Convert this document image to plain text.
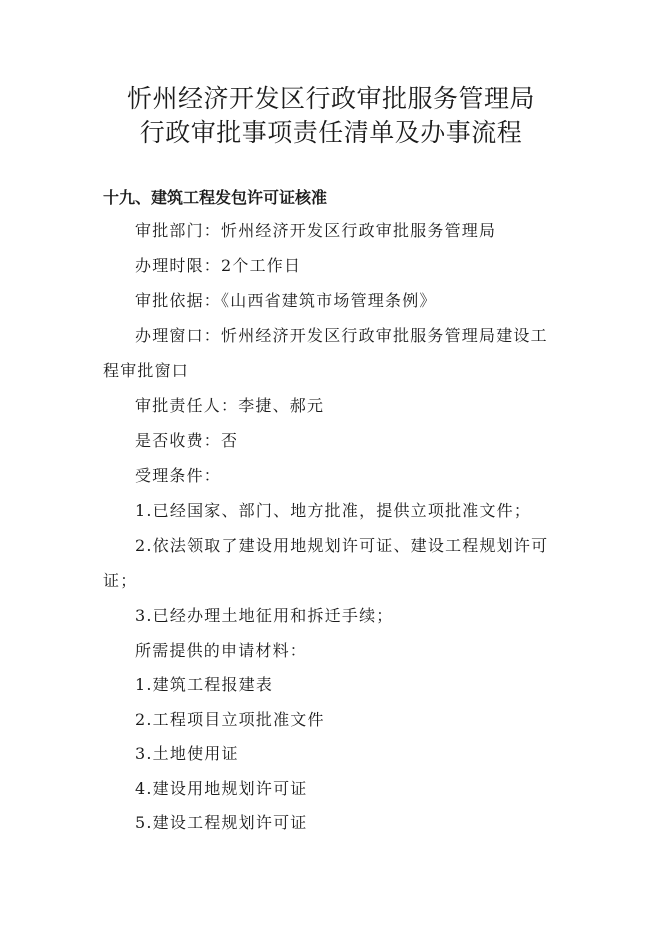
忻州经济开发区行政审批服务管理局
行政审批事项责任清单及办事流程
十九、建筑工程发包许可证核准
审批部门：忻州经济开发区行政审批服务管理局
办理时限：2个工作日
审批依据：《山西省建筑市场管理条例》
办理窗口：忻州经济开发区行政审批服务管理局建设工
程审批窗口
审批责任人：李捷、郝元
是否收费：否
受理条件：
1.已经国家、部门、地方批准，提供立项批准文件；
2.依法领取了建设用地规划许可证、建设工程规划许可
证；
3.已经办理土地征用和拆迁手续；
所需提供的申请材料：
1.建筑工程报建表
2.工程项目立项批准文件
3.土地使用证
4.建设用地规划许可证
5.建设工程规划许可证
